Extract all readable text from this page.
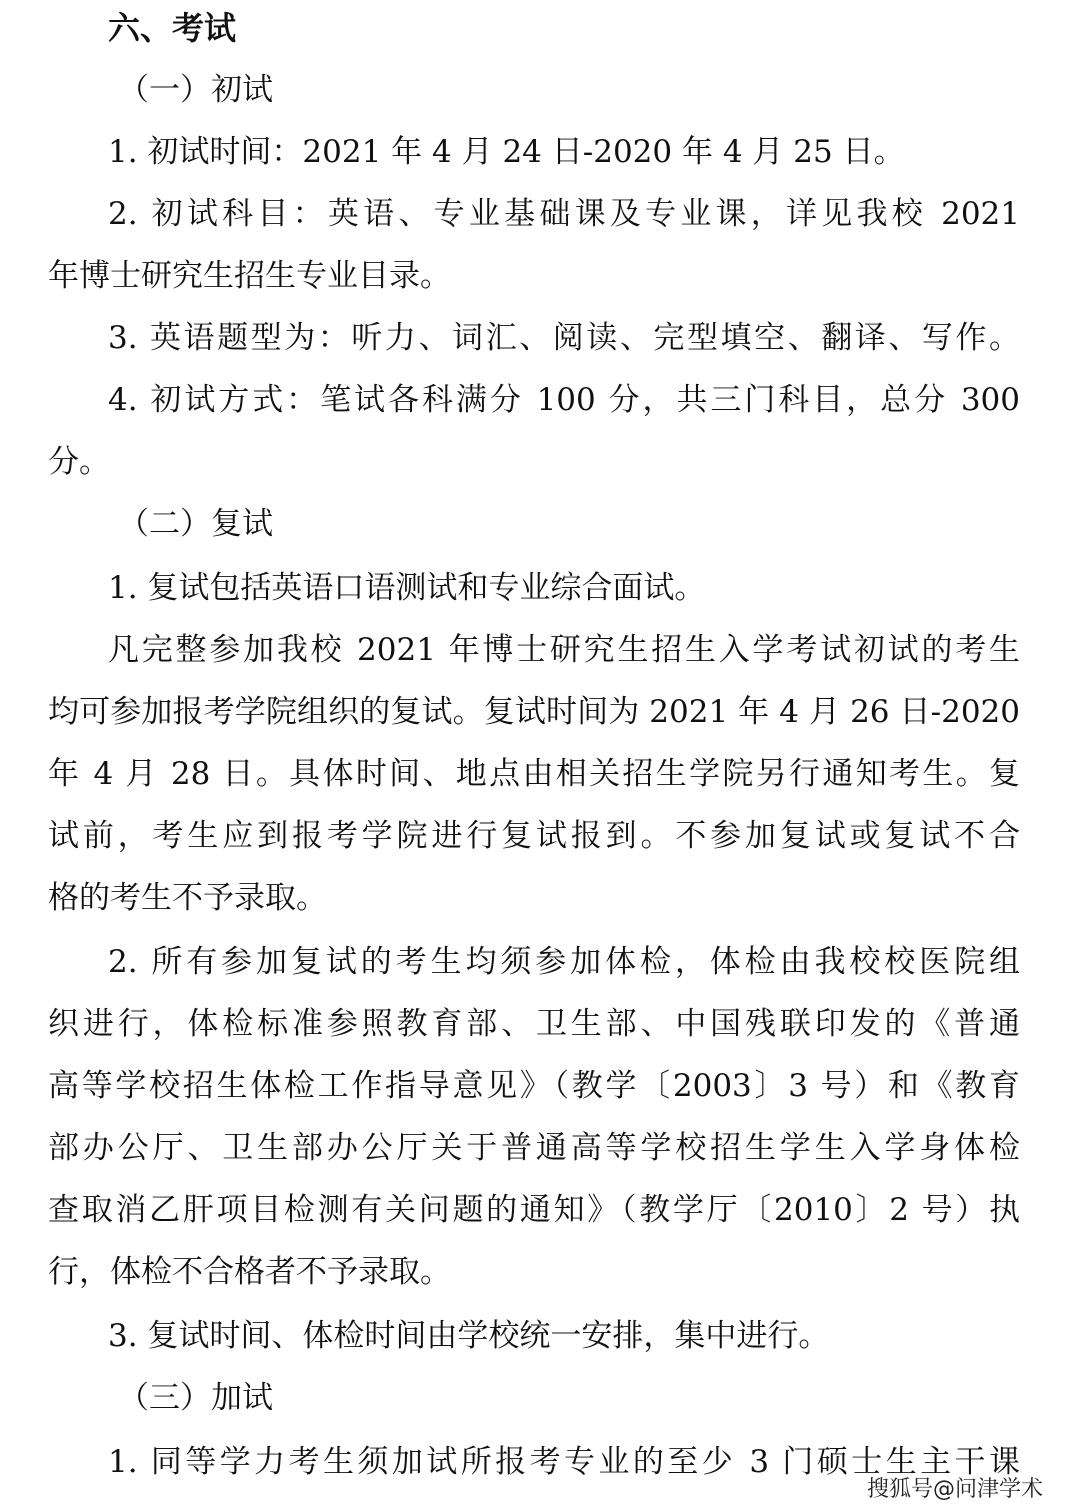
六、考试
（一）初试
1. 初试时间：2021 年 4 月 24 日-2020 年 4 月 25 日。
2. 初试科目：英语、专业基础课及专业课，详见我校 2021
年博士研究生招生专业目录。
3. 英语题型为：听力、词汇、阅读、完型填空、翻译、写作。
4. 初试方式：笔试各科满分 100 分，共三门科目，总分 300
分。
（二）复试
1. 复试包括英语口语测试和专业综合面试。
凡完整参加我校 2021 年博士研究生招生入学考试初试的考生
均可参加报考学院组织的复试。复试时间为 2021 年 4 月 26 日-2020
年 4 月 28 日。具体时间、地点由相关招生学院另行通知考生。复
试前，考生应到报考学院进行复试报到。不参加复试或复试不合
格的考生不予录取。
2. 所有参加复试的考生均须参加体检，体检由我校校医院组
织进行，体检标准参照教育部、卫生部、中国残联印发的《普通
高等学校招生体检工作指导意见》（教学〔2003〕3 号）和《教育
部办公厅、卫生部办公厅关于普通高等学校招生学生入学身体检
查取消乙肝项目检测有关问题的通知》（教学厅〔2010〕2 号）执
行，体检不合格者不予录取。
3. 复试时间、体检时间由学校统一安排，集中进行。
（三）加试
1. 同等学力考生须加试所报考专业的至少 3 门硕士生主干课
搜狐号@问津学术
